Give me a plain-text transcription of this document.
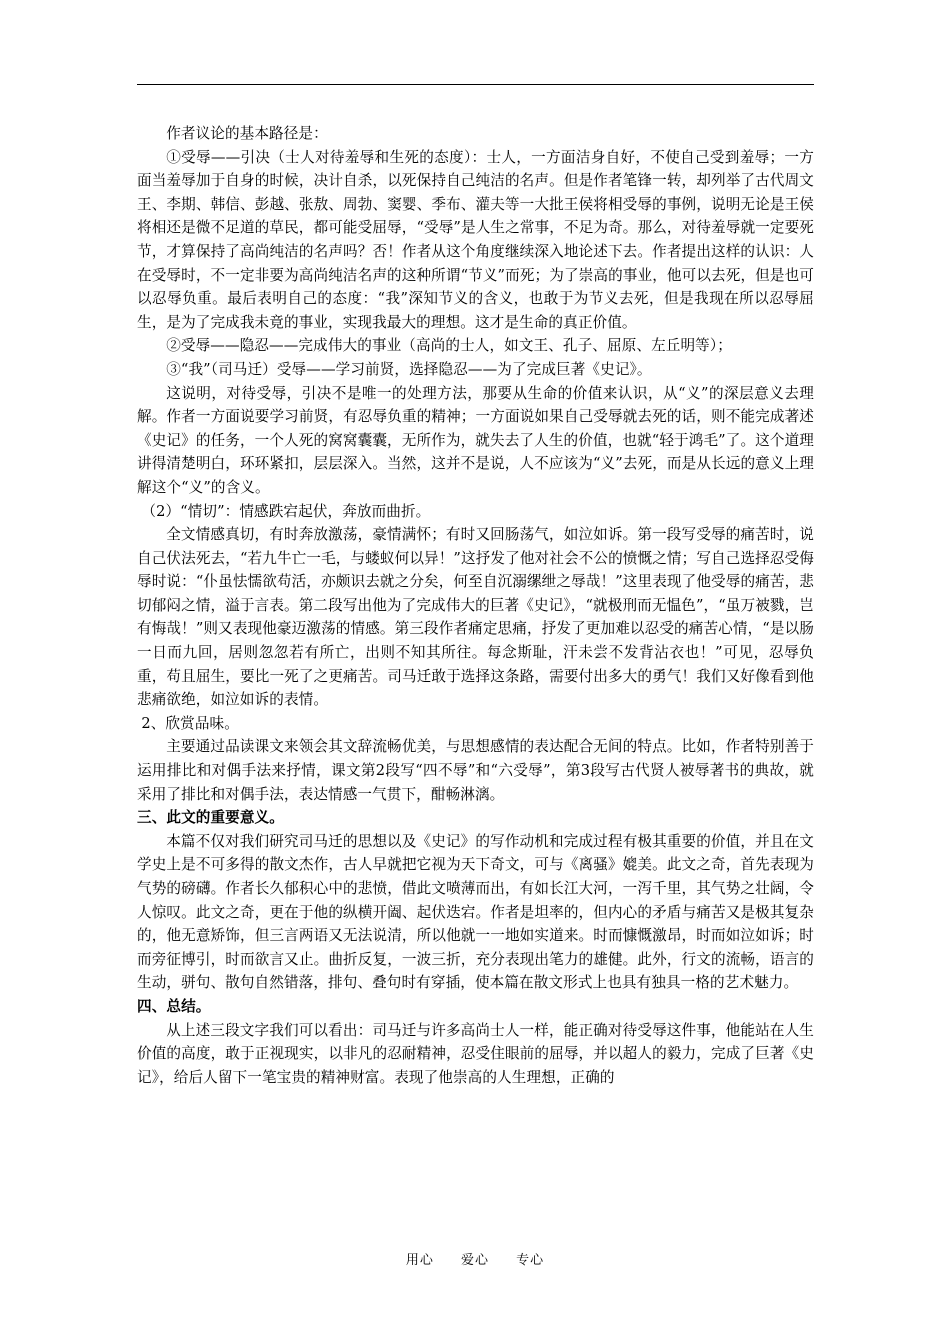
作者议论的基本路径是：

①受辱——引决（士人对待羞辱和生死的态度）：士人，一方面洁身自好，不使自己受到羞辱；一方面当羞辱加于自身的时候，决计自杀，以死保持自己纯洁的名声。但是作者笔锋一转，却列举了古代周文王、李期、韩信、彭越、张敖、周勃、窦婴、季布、灌夫等一大批王侯将相受辱的事例，说明无论是王侯将相还是微不足道的草民，都可能受屈辱，“受辱”是人生之常事，不足为奇。那么，对待羞辱就一定要死节，才算保持了高尚纯洁的名声吗？否！作者从这个角度继续深入地论述下去。作者提出这样的认识：人在受辱时，不一定非要为高尚纯洁名声的这种所谓“节义”而死；为了崇高的事业，他可以去死，但是也可以忍辱负重。最后表明自己的态度：“我”深知节义的含义，也敢于为节义去死，但是我现在所以忍辱屈生，是为了完成我未竟的事业，实现我最大的理想。这才是生命的真正价值。

②受辱——隐忍——完成伟大的事业（高尚的士人，如文王、孔子、屈原、左丘明等）；

③“我”（司马迁）受辱——学习前贤，选择隐忍——为了完成巨著《史记》。

这说明，对待受辱，引决不是唯一的处理方法，那要从生命的价值来认识，从“义”的深层意义去理解。作者一方面说要学习前贤，有忍辱负重的精神；一方面说如果自己受辱就去死的话，则不能完成著述《史记》的任务，一个人死的窝窝囊囊，无所作为，就失去了人生的价值，也就“轻于鸿毛”了。这个道理讲得清楚明白，环环紧扣，层层深入。当然，这并不是说，人不应该为“义”去死，而是从长远的意义上理解这个“义”的含义。

（2）“情切”：情感跌宕起伏，奔放而曲折。

全文情感真切，有时奔放激荡，豪情满怀；有时又回肠荡气，如泣如诉。第一段写受辱的痛苦时，说自己伏法死去，“若九牛亡一毛，与蝼蚁何以异！”这抒发了他对社会不公的愤慨之情；写自己选择忍受侮辱时说：“仆虽怯懦欲苟活，亦颇识去就之分矣，何至自沉溺缧绁之辱哉！”这里表现了他受辱的痛苦，悲切郁闷之情，溢于言表。第二段写出他为了完成伟大的巨著《史记》，“就极刑而无愠色”，“虽万被戮，岂有悔哉！”则又表现他豪迈激荡的情感。第三段作者痛定思痛，抒发了更加难以忍受的痛苦心情，“是以肠一日而九回，居则忽忽若有所亡，出则不知其所往。每念斯耻，汗未尝不发背沾衣也！”可见，忍辱负重，苟且屈生，要比一死了之更痛苦。司马迁敢于选择这条路，需要付出多大的勇气！我们又好像看到他悲痛欲绝，如泣如诉的表情。

2、欣赏品味。

主要通过品读课文来领会其文辞流畅优美，与思想感情的表达配合无间的特点。比如，作者特别善于运用排比和对偶手法来抒情，课文第2段写“四不辱”和“六受辱”，第3段写古代贤人被辱著书的典故，就采用了排比和对偶手法，表达情感一气贯下，酣畅淋漓。

三、此文的重要意义。

本篇不仅对我们研究司马迁的思想以及《史记》的写作动机和完成过程有极其重要的价值，并且在文学史上是不可多得的散文杰作，古人早就把它视为天下奇文，可与《离骚》媲美。此文之奇，首先表现为气势的磅礴。作者长久郁积心中的悲愤，借此文喷薄而出，有如长江大河，一泻千里，其气势之壮阔，令人惊叹。此文之奇，更在于他的纵横开阖、起伏迭宕。作者是坦率的，但内心的矛盾与痛苦又是极其复杂的，他无意矫饰，但三言两语又无法说清，所以他就一一地如实道来。时而慷慨激昂，时而如泣如诉；时而旁征博引，时而欲言又止。曲折反复，一波三折，充分表现出笔力的雄健。此外，行文的流畅，语言的生动，骈句、散句自然错落，排句、叠句时有穿插，使本篇在散文形式上也具有独具一格的艺术魅力。

四、总结。

从上述三段文字我们可以看出：司马迁与许多高尚士人一样，能正确对待受辱这件事，他能站在人生价值的高度，敢于正视现实，以非凡的忍耐精神，忍受住眼前的屈辱，并以超人的毅力，完成了巨著《史记》，给后人留下一笔宝贵的精神财富。表现了他崇高的人生理想，正确的

用心 爱心 专心
